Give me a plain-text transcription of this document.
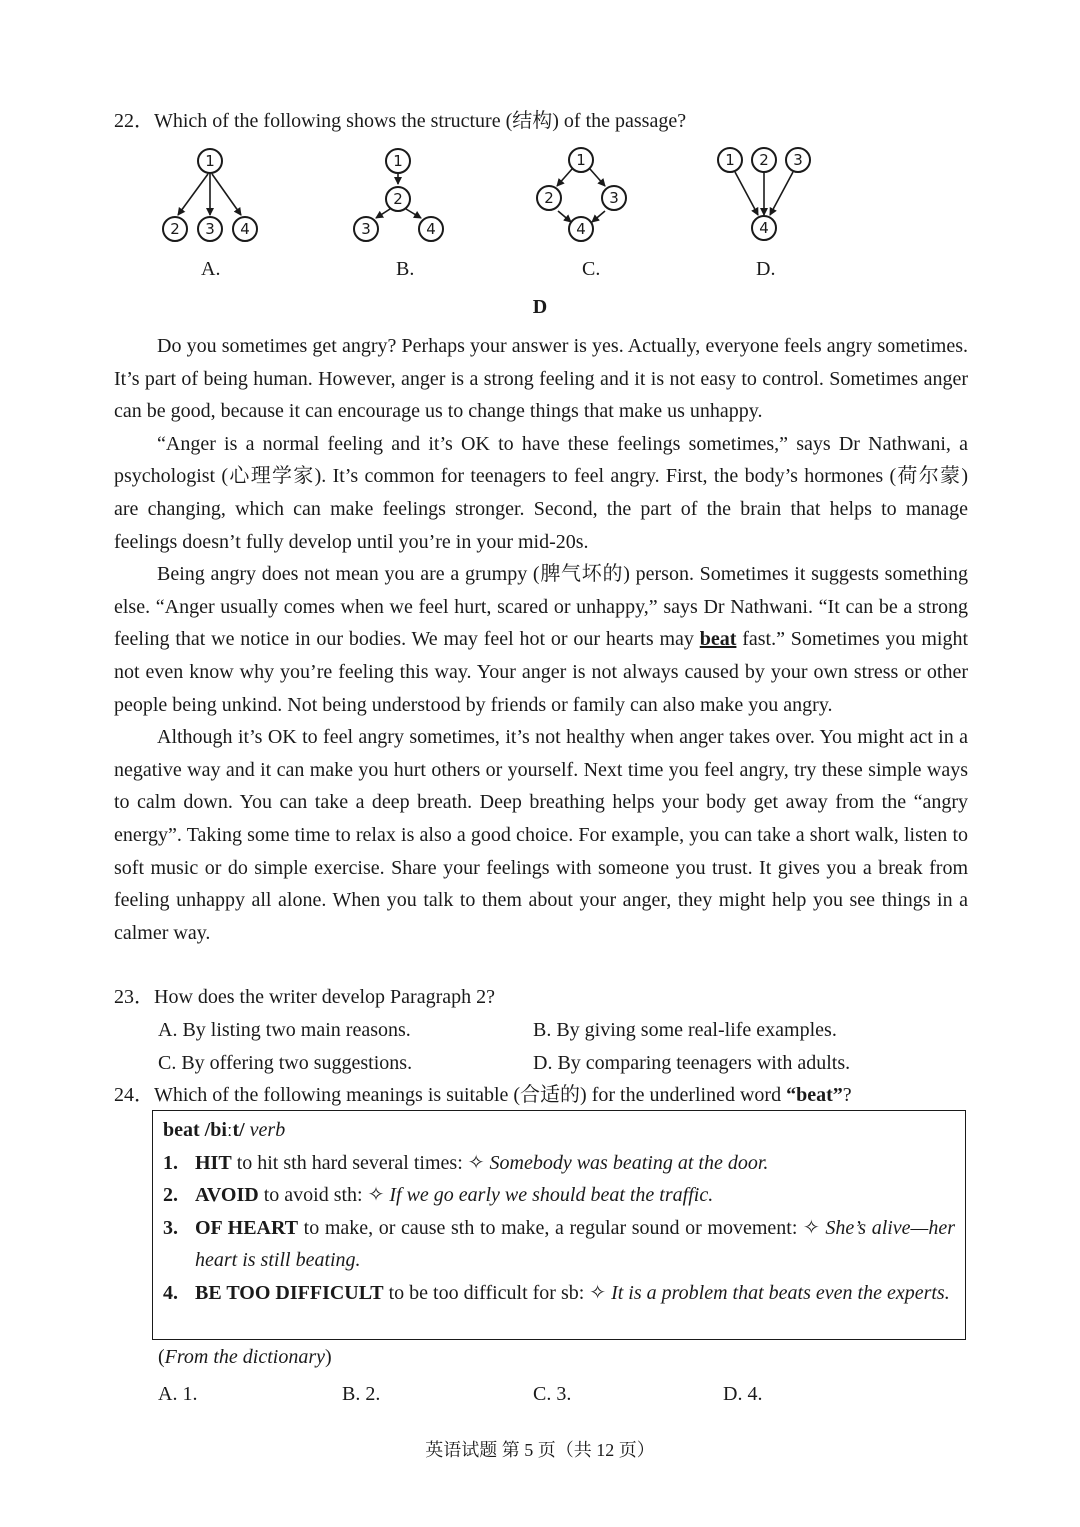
22．Which of the following shows the structure (结构) of the passage?
1
2 3 4
1
2
3	4
1
2	3
4
1 2 3
4
A.	B.	C.	D.
D

Do you sometimes get angry? Perhaps your answer is yes. Actually, everyone feels angry sometimes. It’s part of being human. However, anger is a strong feeling and it is not easy to control. Sometimes anger can be good, because it can encourage us to change things that make us unhappy.

“Anger is a normal feeling and it’s OK to have these feelings sometimes,” says Dr Nathwani, a psychologist (心理学家). It’s common for teenagers to feel angry. First, the body’s hormones (荷尔蒙) are changing, which can make feelings stronger. Second, the part of the brain that helps to manage feelings doesn’t fully develop until you’re in your mid-20s.

Being angry does not mean you are a grumpy (脾气坏的) person. Sometimes it suggests something else. “Anger usually comes when we feel hurt, scared or unhappy,” says Dr Nathwani. “It can be a strong feeling that we notice in our bodies. We may feel hot or our hearts may beat fast.” Sometimes you might not even know why you’re feeling this way. Your anger is not always caused by your own stress or other people being unkind. Not being understood by friends or family can also make you angry.

Although it’s OK to feel angry sometimes, it’s not healthy when anger takes over. You might act in a negative way and it can make you hurt others or yourself. Next time you feel angry, try these simple ways to calm down. You can take a deep breath. Deep breathing helps your body get away from the “angry energy”. Taking some time to relax is also a good choice. For example, you can take a short walk, listen to soft music or do simple exercise. Share your feelings with someone you trust. It gives you a break from feeling unhappy all alone. When you talk to them about your anger, they might help you see things in a calmer way.

23．How does the writer develop Paragraph 2?
A. By listing two main reasons.	B. By giving some real-life examples.
C. By offering two suggestions.	D. By comparing teenagers with adults.
24．Which of the following meanings is suitable (合适的) for the underlined word “beat”?
beat /biːt/ verb
1. HIT to hit sth hard several times: ✧ Somebody was beating at the door.
2. AVOID to avoid sth: ✧ If we go early we should beat the traffic.
3. OF HEART to make, or cause sth to make, a regular sound or movement: ✧ She’s alive—her heart is still beating.
4. BE TOO DIFFICULT to be too difficult for sb: ✧ It is a problem that beats even the experts.
(From the dictionary)
A. 1.	B. 2.	C. 3.	D. 4.
英语试题 第 5 页（共 12 页）
